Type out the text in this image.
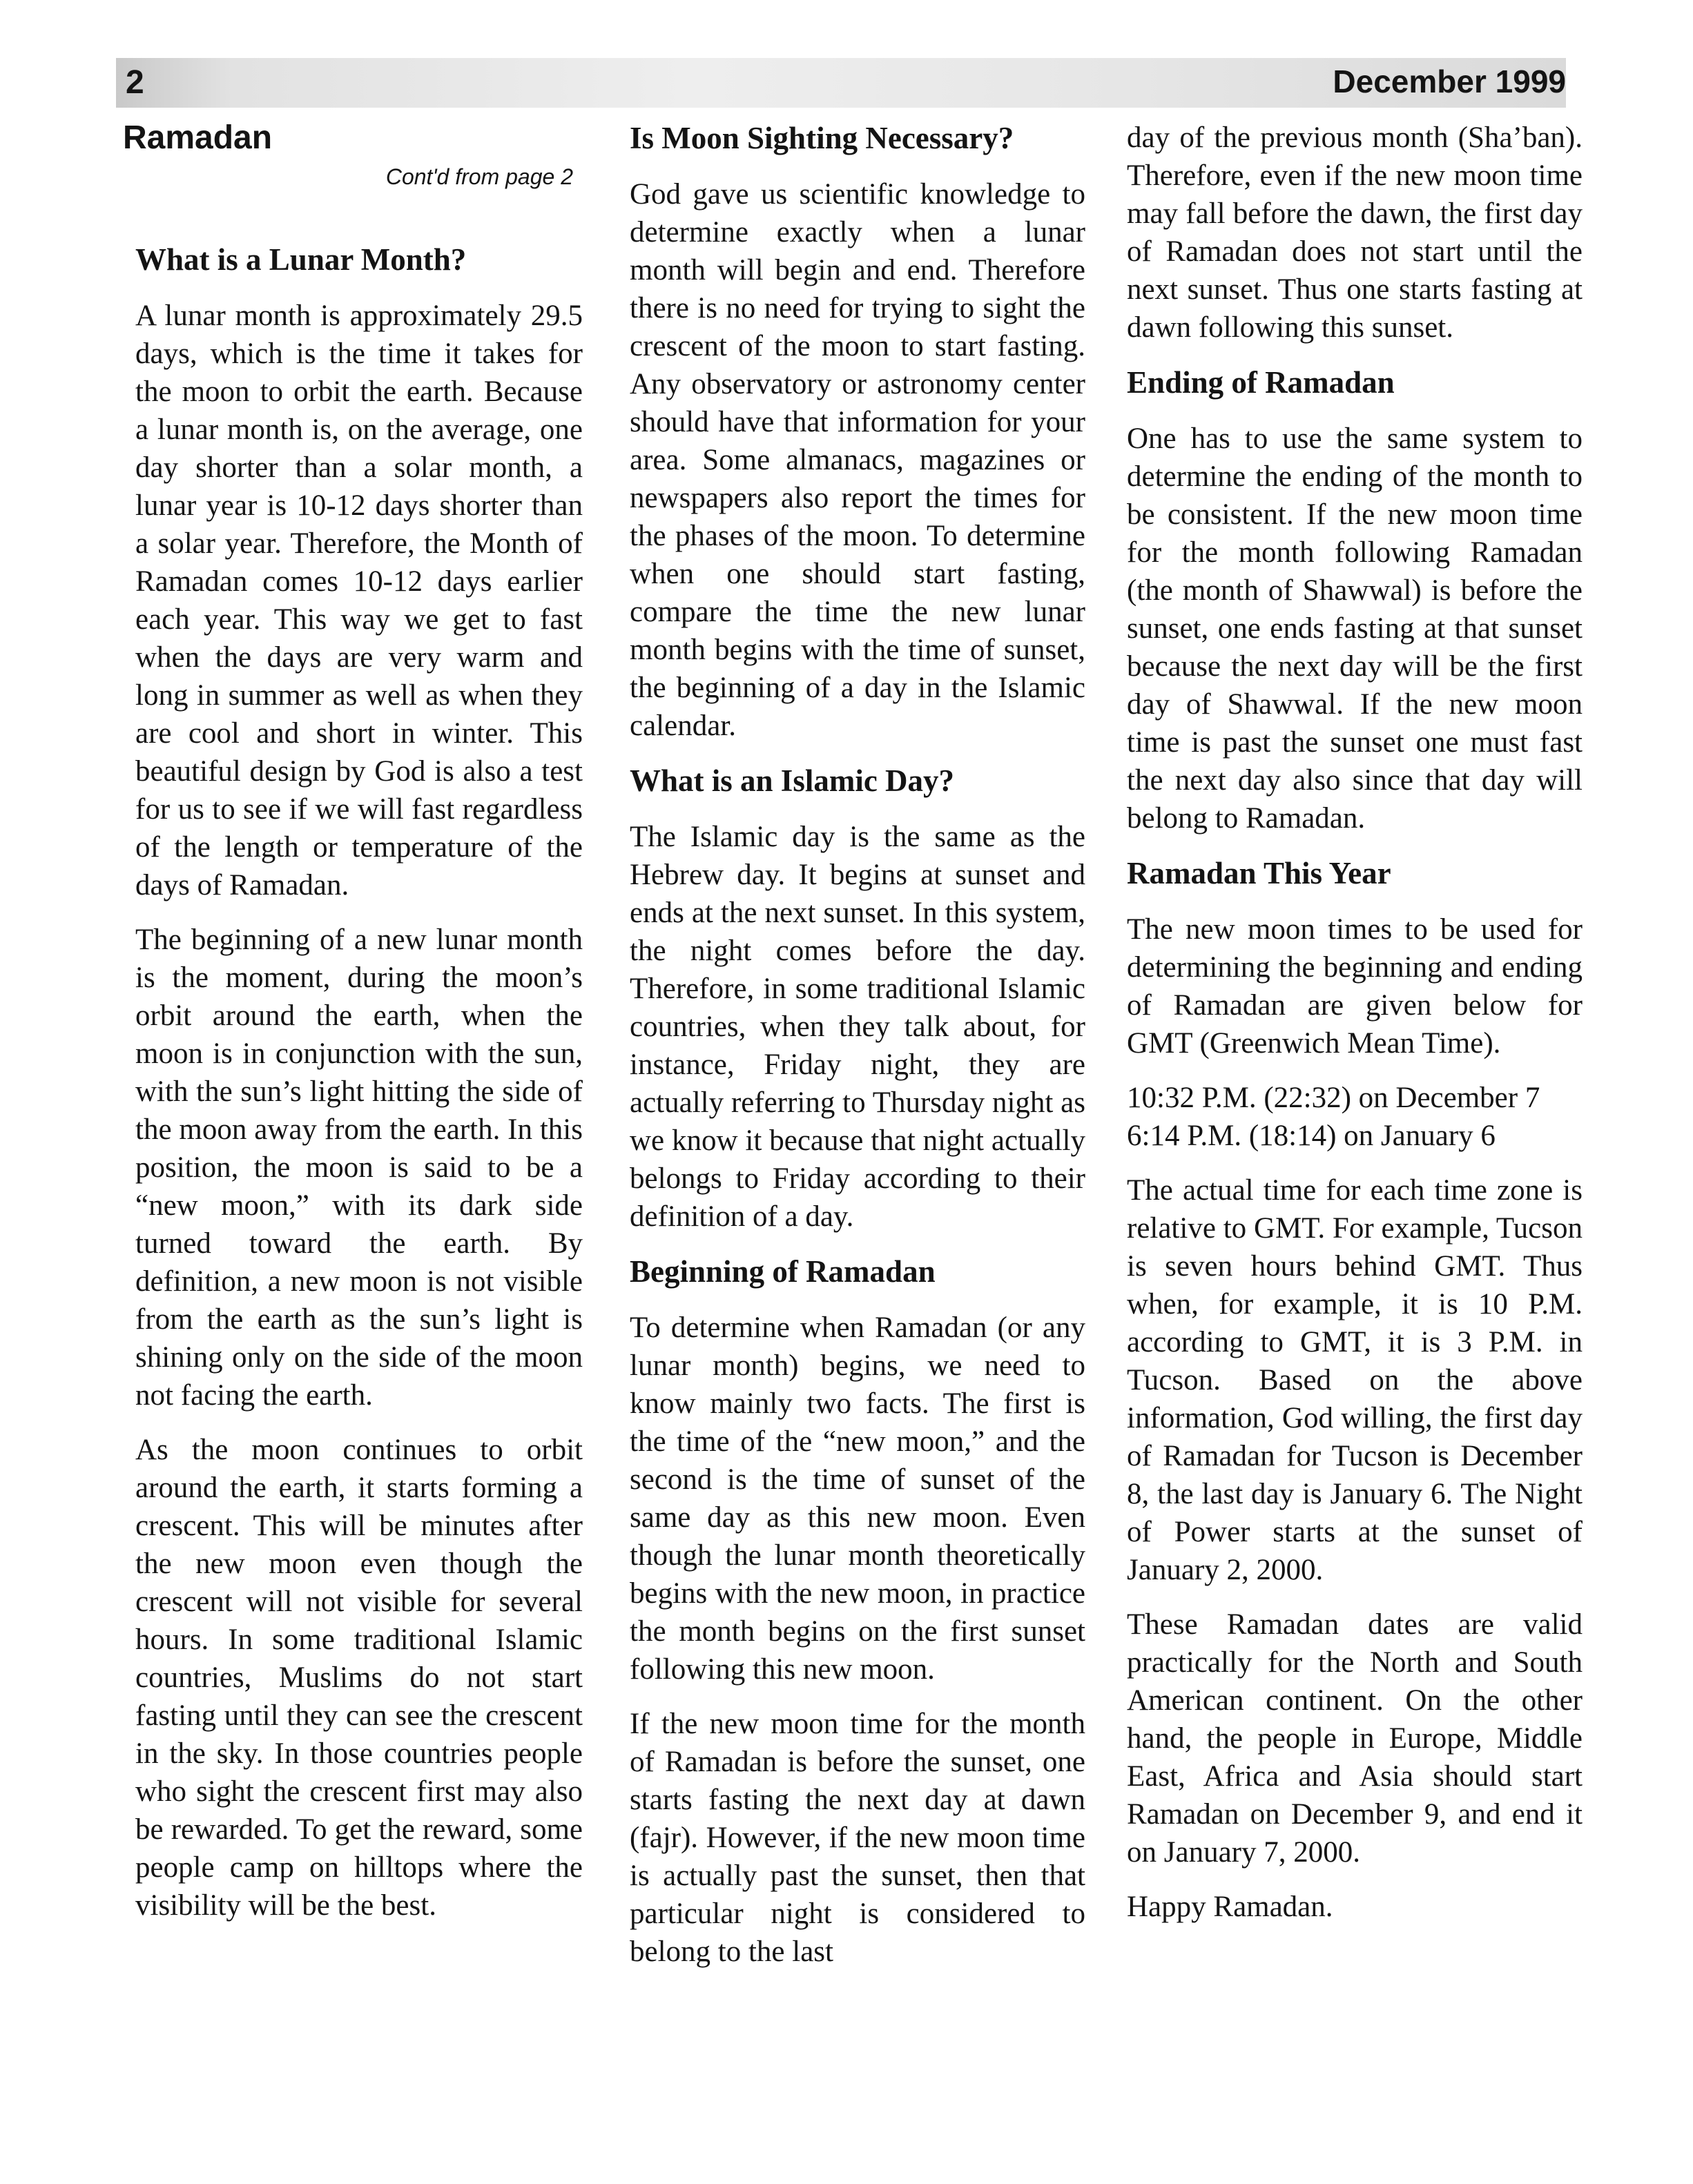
2	December 1999
Ramadan
Cont'd from page 2
What is a Lunar Month?

A lunar month is approximately 29.5 days, which is the time it takes for the moon to orbit the earth. Because a lunar month is, on the average, one day shorter than a solar month, a lunar year is 10-12 days shorter than a solar year. Therefore, the Month of Ramadan comes 10-12 days earlier each year. This way we get to fast when the days are very warm and long in summer as well as when they are cool and short in winter. This beautiful design by God is also a test for us to see if we will fast regardless of the length or temperature of the days of Ramadan.

The beginning of a new lunar month is the moment, during the moon’s orbit around the earth, when the moon is in conjunction with the sun, with the sun’s light hitting the side of the moon away from the earth. In this position, the moon is said to be a “new moon,” with its dark side turned toward the earth. By definition, a new moon is not visible from the earth as the sun’s light is shining only on the side of the moon not facing the earth.

As the moon continues to orbit around the earth, it starts forming a crescent. This will be minutes after the new moon even though the crescent will not visible for several hours. In some traditional Islamic countries, Muslims do not start fasting until they can see the crescent in the sky. In those countries people who sight the crescent first may also be rewarded. To get the reward, some people camp on hilltops where the visibility will be the best.

Is Moon Sighting Necessary?

God gave us scientific knowledge to determine exactly when a lunar month will begin and end. Therefore there is no need for trying to sight the crescent of the moon to start fasting. Any observatory or astronomy center should have that information for your area. Some almanacs, magazines or newspapers also report the times for the phases of the moon. To determine when one should start fasting, compare the time the new lunar month begins with the time of sunset, the beginning of a day in the Islamic calendar.

What is an Islamic Day?

The Islamic day is the same as the Hebrew day. It begins at sunset and ends at the next sunset. In this system, the night comes before the day. Therefore, in some traditional Islamic countries, when they talk about, for instance, Friday night, they are actually referring to Thursday night as we know it because that night actually belongs to Friday according to their definition of a day.

Beginning of Ramadan

To determine when Ramadan (or any lunar month) begins, we need to know mainly two facts. The first is the time of the “new moon,” and the second is the time of sunset of the same day as this new moon. Even though the lunar month theoretically begins with the new moon, in practice the month begins on the first sunset following this new moon.

If the new moon time for the month of Ramadan is before the sunset, one starts fasting the next day at dawn (fajr). However, if the new moon time is actually past the sunset, then that particular night is considered to belong to the last

day of the previous month (Sha’ban). Therefore, even if the new moon time may fall before the dawn, the first day of Ramadan does not start until the next sunset. Thus one starts fasting at dawn following this sunset.

Ending of Ramadan

One has to use the same system to determine the ending of the month to be consistent. If the new moon time for the month following Ramadan (the month of Shawwal) is before the sunset, one ends fasting at that sunset because the next day will be the first day of Shawwal. If the new moon time is past the sunset one must fast the next day also since that day will belong to Ramadan.

Ramadan This Year

The new moon times to be used for determining the beginning and ending of Ramadan are given below for GMT (Greenwich Mean Time).

10:32 P.M. (22:32) on December 7

6:14 P.M. (18:14) on January 6

The actual time for each time zone is relative to GMT. For example, Tucson is seven hours behind GMT. Thus when, for example, it is 10 P.M. according to GMT, it is 3 P.M. in Tucson. Based on the above information, God willing, the first day of Ramadan for Tucson is December 8, the last day is January 6. The Night of Power starts at the sunset of January 2, 2000.

These Ramadan dates are valid practically for the North and South American continent. On the other hand, the people in Europe, Middle East, Africa and Asia should start Ramadan on December 9, and end it on January 7, 2000.

Happy Ramadan.
